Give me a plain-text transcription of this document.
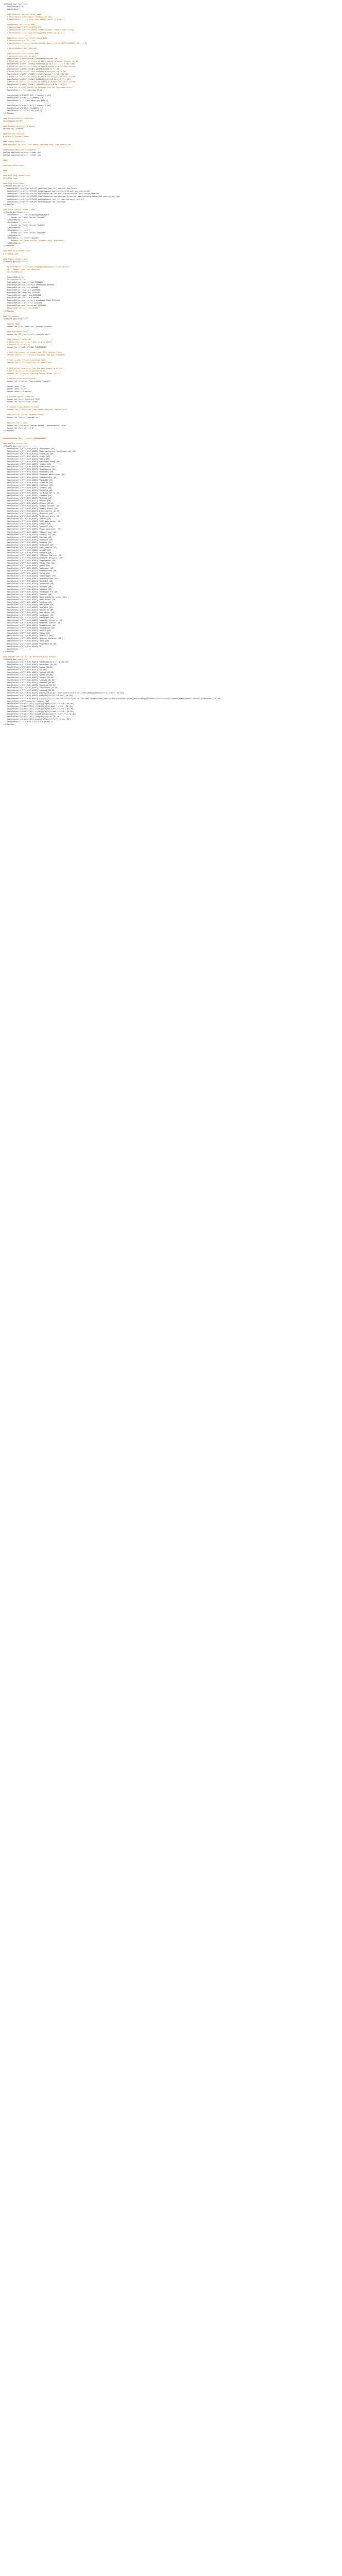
<IfModule mod_rewrite.c>
RewriteEngine On
RewriteBase /

#### Redirect non-www to www ####
# RewriteCond %{HTTP_HOST} ^domain\.com [NC]
# RewriteRule ^(.*)$ http://www.domain.com/$1 [L,R=301]

####Prevent hotlinking ####
# RewriteCond %{HTTP_REFERER} !^$
# RewriteCond %{HTTP_REFERER} !^http://(www\.)?domain.com/.*$ [NC]
# RewriteRule \.(gif|jpg|swf|flv|png)$ /feed/ [R=302,L]

#### Force https for certain pages ####
# RewriteCond %{HTTPS} !=on
# RewriteRule ^(login|register|join)$ https://%{HTTP_HOST}%{REQUEST_URI} [L,R]

# ErrorDocument 500 /500.html

#### Security restrictions ####
# proc/self/environ? no way!
RewriteCond %{QUERY_STRING} proc/self/environ [OR]
# Block out any script trying to set a mosConfig value through the URL
RewriteCond %{QUERY_STRING} mosConfig_[a-zA-Z_]{1,21}(=|\%3D) [OR]
# Block out any script trying to base64_encode crap to send via URL
RewriteCond %{QUERY_STRING} base64_encode.*(.*) [OR]
# Block out any script that includes a <script> tag in URL
RewriteCond %{QUERY_STRING} (<|%3C).*script.*(>|%3E) [NC,OR]
# Block out any script trying to set a PHP GLOBALS variable via URL
RewriteCond %{QUERY_STRING} GLOBALS(=|\[|\%[0-9A-Z]{0,2}) [OR]
# Block out any script trying to modify a _REQUEST variable via URL
RewriteCond %{QUERY_STRING} _REQUEST(=|\[|\%[0-9A-Z]{0,2})
# Send all blocked request to homepage with 403 Forbidden error!
RewriteRule ^(.*)$ index.php [F,L]

RewriteCond %{REQUEST_URI} !^/admin/.* [NC]
RewriteCond %{REQUEST_FILENAME} !-f
RewriteRule ^(.*)$ app_admin.php [QSA,L]

RewriteCond %{REQUEST_URI} !^/admin/.* [NC]
RewriteCond %{REQUEST_FILENAME} !-f
RewriteRule ^(.*)$ app.php [QSA,L]
</IfModule>

#### Disable server signature
ServerSignature Off

#### Disable directory Browsing
Options All -Indexes

#### Set the timezone
# SetEnv TZ Europe/London

#### Sample Redirects
#### Redirect 301 http://www.domain.com/home http://www.domain.com

#### Always download attachments
AddType application/octet-stream .pdf
AddType application/octet-stream .zip

####

#Options+ MultiViews

####

#### HTTP ETag header ####
#FileETag none

#### Gzip Files ####
<IfModule mod_deflate.c>
AddOutputFilterByType DEFLATE text/html text/xml text/css text/plain
AddOutputFilterByType DEFLATE image/svg+xml application/xhtml+xml application/xml
AddOutputFilterByType DEFLATE application/rdf+xml application/rss+xml application/atom+xml
AddOutputFilterByType DEFLATE text/javascript application/javascript application/x-javascript application/json
AddOutputFilterByType DEFLATE application/x-font-ttf application/x-font-otf
AddOutputFilterByType DEFLATE font/truetype font/opentype
</IfModule>

#### Cache-Control Headers ####
<IfModule mod_headers.c>
<FilesMatch "\.(ico|jpe?g|png|gif|swf)$">
Header set Cache-Control "public"
</FilesMatch>
<FilesMatch "\.(css)$">
Header set Cache-Control "public"
</FilesMatch>
<FilesMatch "\.(js)$">
Header set Cache-Control "private"
</FilesMatch>
<FilesMatch "\.(x?html?|php)$">
#Header set Cache-Control "private, must-revalidate"
</FilesMatch>
</IfModule>

#### HTTP ETag header ####
# FileETag none

#### Expire headers ####
<IfModule mod_expires.c>

##<FilesMatch "\.(ico|pdf|flv|jpg|jpeg|png|gif|js|css|swf)$">
##    Header unset Last-Modified
##</FilesMatch>

ExpiresActive On
#ExpiresDefault A0
ExpiresByType image/x-icon A2592000
ExpiresByType application/x-javascript A604800
ExpiresByType text/css A604800
ExpiresByType image/gif A2592000
ExpiresByType image/png A2592000
ExpiresByType image/jpeg A2592000
ExpiresByType text/plain A86400
ExpiresByType application/x-shockwave-flash A2592000
ExpiresByType video/x-flv A2592000
ExpiresByType application/pdf A2592000
#ExpiresByType text/html M3600
</IfModule>

#### Set headers
<IfModule mod_headers.c>

#### IE ####
Header set X-UA-Compatible "IE=Edge,chrome=1"

#### P3P Header ####
Header set P3P "policyref=\"/w3c/p3p.xml\""

#### Security Hardening
# Allow the site to be framed only by itself
# Prevent clickjacking
Header set X-FRAME-OPTIONS "SAMEORIGIN"

# Tell the browser to attempt the HTTPS version first
#Header add Strict-Transport-Security "max-age=157680000"

# Turn on IE8-IE9 XSS prevention tools
#Header set X-XSS-Protection "1; mode=block"

# Only allow JavaScript from the same domain to be run.
# Don't allow inline JavaScript to run.
#Header set X-Content-Security-Policy "allow 'self';"

# Prevent mime based attacks
Header set X-Content-Type-Options "nosniff"

Header unset ETag
Header unset Server
Header unset X-Pingback

# Disable server signature
Header set ServerSignature "Off"
Header set ServerTokens "Prod"

# Control Cross-Domain Policies
#Header set X-Permitted-Cross-Domain-Policies "master-only"

#### Set the Content language header
Header set Content-Language en

#### Set the Creator
Header set Created-By "George Bardis - george@bardis.info"
Header set Version "1.0.0"
</IfModule>

############## Bots - Spiders ############

#### Bad bot protection
<IfModule mod_rewrite.c>
RewriteCond %{HTTP_USER_AGENT} ^BlackWidow [OR]
RewriteCond %{HTTP_USER_AGENT} ^Bot\ mailto:craftbot@yahoo.com [OR]
RewriteCond %{HTTP_USER_AGENT} ^ChinaClaw [OR]
RewriteCond %{HTTP_USER_AGENT} ^Custo [OR]
RewriteCond %{HTTP_USER_AGENT} ^DISCo [OR]
RewriteCond %{HTTP_USER_AGENT} ^Download\ Demon [OR]
RewriteCond %{HTTP_USER_AGENT} ^eCatch [OR]
RewriteCond %{HTTP_USER_AGENT} ^EirGrabber [OR]
RewriteCond %{HTTP_USER_AGENT} ^EmailSiphon [OR]
RewriteCond %{HTTP_USER_AGENT} ^EmailWolf [OR]
RewriteCond %{HTTP_USER_AGENT} ^Express\ WebPictures [OR]
RewriteCond %{HTTP_USER_AGENT} ^ExtractorPro [OR]
RewriteCond %{HTTP_USER_AGENT} ^EyeNetIE [OR]
RewriteCond %{HTTP_USER_AGENT} ^FlashGet [OR]
RewriteCond %{HTTP_USER_AGENT} ^GetRight [OR]
RewriteCond %{HTTP_USER_AGENT} ^GetWeb! [OR]
RewriteCond %{HTTP_USER_AGENT} ^Go!Zilla [OR]
RewriteCond %{HTTP_USER_AGENT} ^Go-Ahead-Got-It [OR]
RewriteCond %{HTTP_USER_AGENT} ^GrabNet [OR]
RewriteCond %{HTTP_USER_AGENT} ^Grafula [OR]
RewriteCond %{HTTP_USER_AGENT} ^HMView [OR]
RewriteCond %{HTTP_USER_AGENT} HTTrack [NC,OR]
RewriteCond %{HTTP_USER_AGENT} ^Image\ Stripper [OR]
RewriteCond %{HTTP_USER_AGENT} ^Image\ Sucker [OR]
RewriteCond %{HTTP_USER_AGENT} Indy\ Library [NC,OR]
RewriteCond %{HTTP_USER_AGENT} ^InterGET [OR]
RewriteCond %{HTTP_USER_AGENT} ^Internet\ Ninja [OR]
RewriteCond %{HTTP_USER_AGENT} ^JetCar [OR]
RewriteCond %{HTTP_USER_AGENT} ^JOC\ Web\ Spider [OR]
RewriteCond %{HTTP_USER_AGENT} ^larbin [OR]
RewriteCond %{HTTP_USER_AGENT} ^LeechFTP [OR]
RewriteCond %{HTTP_USER_AGENT} ^Mass\ Downloader [OR]
RewriteCond %{HTTP_USER_AGENT} ^MIDown\ tool [OR]
RewriteCond %{HTTP_USER_AGENT} ^Mister\ PiX [OR]
RewriteCond %{HTTP_USER_AGENT} ^Navroad [OR]
RewriteCond %{HTTP_USER_AGENT} ^NearSite [OR]
RewriteCond %{HTTP_USER_AGENT} ^NetAnts [OR]
RewriteCond %{HTTP_USER_AGENT} ^NetSpider [OR]
RewriteCond %{HTTP_USER_AGENT} ^Net\ Vampire [OR]
RewriteCond %{HTTP_USER_AGENT} ^NetZIP [OR]
RewriteCond %{HTTP_USER_AGENT} ^Octopus [OR]
RewriteCond %{HTTP_USER_AGENT} ^Offline\ Explorer [OR]
RewriteCond %{HTTP_USER_AGENT} ^Offline\ Navigator [OR]
RewriteCond %{HTTP_USER_AGENT} ^PageGrabber [OR]
RewriteCond %{HTTP_USER_AGENT} ^Papa\ Foto [OR]
RewriteCond %{HTTP_USER_AGENT} ^pavuk [OR]
RewriteCond %{HTTP_USER_AGENT} ^pcBrowser [OR]
RewriteCond %{HTTP_USER_AGENT} ^RealDownload [OR]
RewriteCond %{HTTP_USER_AGENT} ^ReGet [OR]
RewriteCond %{HTTP_USER_AGENT} ^SiteSnagger [OR]
RewriteCond %{HTTP_USER_AGENT} ^SmartDownload [OR]
RewriteCond %{HTTP_USER_AGENT} ^SuperBot [OR]
RewriteCond %{HTTP_USER_AGENT} ^SuperHTTP [OR]
RewriteCond %{HTTP_USER_AGENT} ^Surfbot [OR]
RewriteCond %{HTTP_USER_AGENT} ^tAkeOut [OR]
RewriteCond %{HTTP_USER_AGENT} ^Teleport\ Pro [OR]
RewriteCond %{HTTP_USER_AGENT} ^VoidEYE [OR]
RewriteCond %{HTTP_USER_AGENT} ^Web\ Image\ Collector [OR]
RewriteCond %{HTTP_USER_AGENT} ^Web\ Sucker [OR]
RewriteCond %{HTTP_USER_AGENT} ^WebAuto [OR]
RewriteCond %{HTTP_USER_AGENT} ^WebCopier [OR]
RewriteCond %{HTTP_USER_AGENT} ^WebFetch [OR]
RewriteCond %{HTTP_USER_AGENT} ^WebGo\ IS [OR]
RewriteCond %{HTTP_USER_AGENT} ^WebLeacher [OR]
RewriteCond %{HTTP_USER_AGENT} ^WebReaper [OR]
RewriteCond %{HTTP_USER_AGENT} ^WebSauger [OR]
RewriteCond %{HTTP_USER_AGENT} ^Website\ eXtractor [OR]
RewriteCond %{HTTP_USER_AGENT} ^Website\ Quester [OR]
RewriteCond %{HTTP_USER_AGENT} ^WebStripper [OR]
RewriteCond %{HTTP_USER_AGENT} ^WebWhacker [OR]
RewriteCond %{HTTP_USER_AGENT} ^WebZIP [OR]
RewriteCond %{HTTP_USER_AGENT} ^Widow [OR]
RewriteCond %{HTTP_USER_AGENT} ^WWWOFFLE [OR]
RewriteCond %{HTTP_USER_AGENT} ^Xaldon\ WebSpider [OR]
RewriteCond %{HTTP_USER_AGENT} ^Zeus [OR]
RewriteCond %{HTTP_USER_AGENT} ^Mozilla/4.0$ [OR]
RewriteCond %{HTTP_USER_AGENT} ^$
RewriteRule ^.* - [F,L]
</IfModule>

#### Another bots as well as malicious input blocker
<IfModule mod_rewrite.c>
RewriteCond %{HTTP_USER_AGENT} ^atraf|overture|strip [NC,OR]
RewriteCond %{HTTP_USER_AGENT} ^dirbuster [NC,OR]
RewriteCond %{HTTP_USER_AGENT} ^nikto [NC,OR]
RewriteCond %{HTTP_USER_AGENT} ^SF [OR]
RewriteCond %{HTTP_USER_AGENT} ^sqlmap [NC,OR]
RewriteCond %{HTTP_USER_AGENT} ^fimap [NC,OR]
RewriteCond %{HTTP_USER_AGENT} ^nessus [NC,OR]
RewriteCond %{HTTP_USER_AGENT} ^whatweb [NC,OR]
RewriteCond %{HTTP_USER_AGENT} ^Openvas [NC,OR]
RewriteCond %{HTTP_USER_AGENT} ^jbrofuzz [NC,OR]
RewriteCond %{HTTP_USER_AGENT} ^libwhisker [NC,OR]
RewriteCond %{HTTP_USER_AGENT} ^webshag [NC,OR]
RewriteCond %{HTTP_USER_AGENT} (havij|libwww-perl|wget|python|nikto|curl|scan|java|winhttp|clshttp|loader) [NC,OR]
RewriteCond %{HTTP_USER_AGENT} (%0A|%0D|%27|%3C|%3E|%00) [NC,OR]
RewriteCond %{HTTP_USER_AGENT} (;|<|>|'|"|\)|\(|%0A|%0D|%22|%27|%28|%3C|%3E|%00).*(libwww-perl|wget|python|nikto|curl|scan|java|winhttp|HTTrack|clshttp|archiver|loader|email|harvest|extract|grab|miner) [NC,OR]
RewriteCond %{HTTP:Acunetix-Product} ^WVS
RewriteCond %{REQUEST_URI} (<|%3C)([^s]*s)+cript.*(>|%3E) [NC,OR]
RewriteCond %{REQUEST_URI} (<|%3C)([^e]*e)+mbed.*(>|%3E) [NC,OR]
RewriteCond %{REQUEST_URI} (<|%3C)([^o]*o)+bject.*(>|%3E) [NC,OR]
RewriteCond %{REQUEST_URI} (<|%3C)([^i]*i)+frame.*(>|%3E) [NC,OR]
RewriteCond %{REQUEST_URI} base64_(en|de)code[^(]*\([^)]*\) [NC,OR]
RewriteCond %{REQUEST_URI} (%0A|%0D|\\r|\\n) [NC,OR]
RewriteCond %{REQUEST_URI} union([^a]*a)+ll([^s]*s)+elect [NC]
RewriteRule ^(.*)$ http://127.0.0.1 [R=301,L]
</IfModule>
